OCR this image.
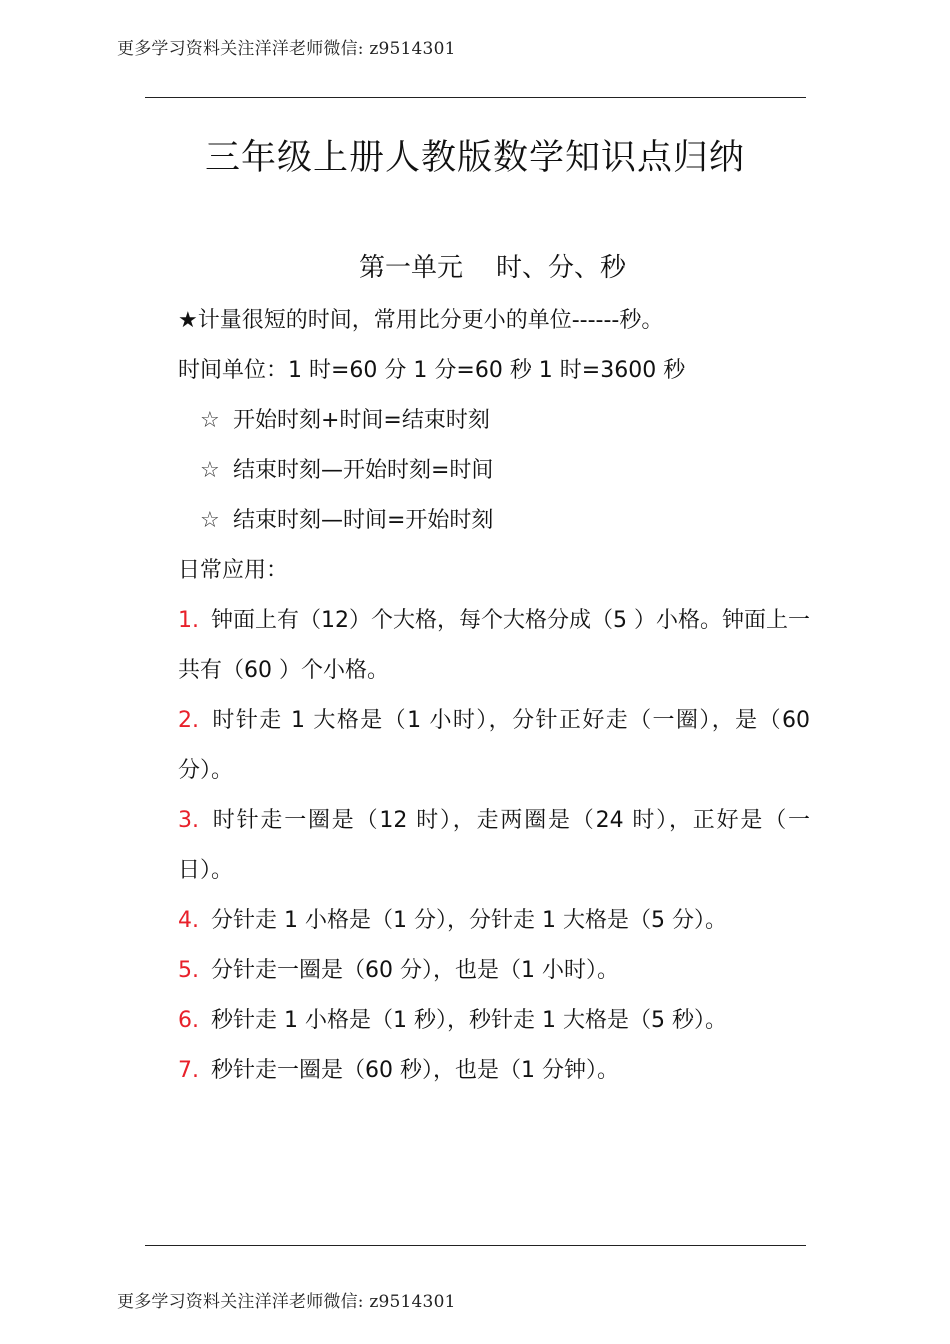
更多学习资料关注洋洋老师微信: z9514301
三年级上册人教版数学知识点归纳
第一单元    时、分、秒
★计量很短的时间，常用比分更小的单位------秒。
时间单位：1 时=60 分 1 分=60 秒 1 时=3600 秒
☆ 开始时刻+时间=结束时刻
☆ 结束时刻—开始时刻=时间
☆ 结束时刻—时间=开始时刻
日常应用：
1. 钟面上有（12）个大格，每个大格分成（5 ）小格。钟面上一共有（60 ）个小格。
2. 时针走 1 大格是（1 小时），分针正好走（一圈），是（60 分）。
3. 时针走一圈是（12 时），走两圈是（24 时），正好是（一日）。
4. 分针走 1 小格是（1 分），分针走 1 大格是（5 分）。
5. 分针走一圈是（60 分），也是（1 小时）。
6. 秒针走 1 小格是（1 秒），秒针走 1 大格是（5 秒）。
7. 秒针走一圈是（60 秒），也是（1 分钟）。
更多学习资料关注洋洋老师微信: z9514301
